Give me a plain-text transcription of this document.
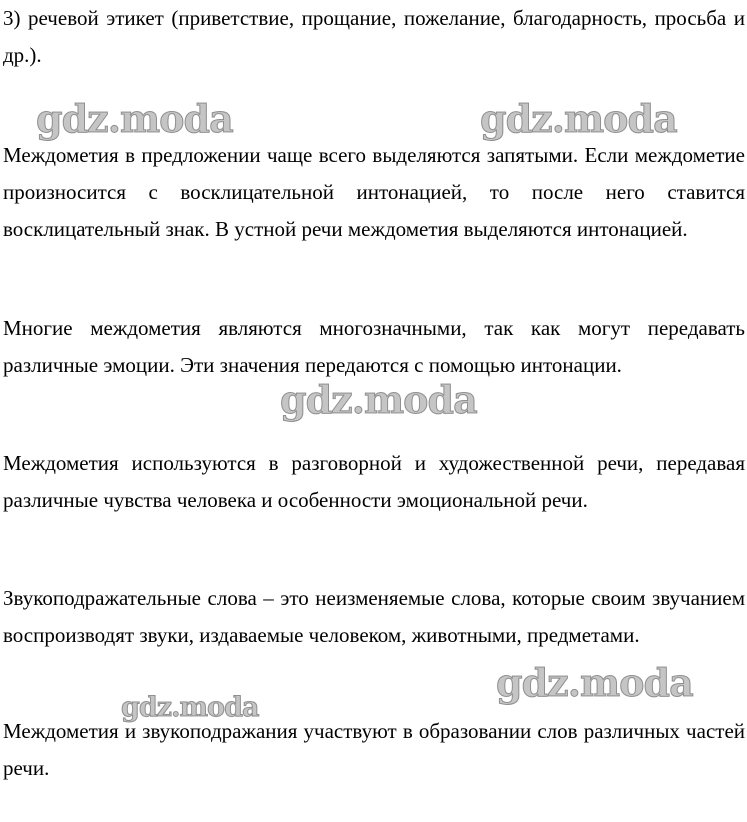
3) речевой этикет (приветствие, прощание, пожелание, благодарность, просьба и др.).

Междометия в предложении чаще всего выделяются запятыми. Если междометие произносится с восклицательной интонацией, то после него ставится восклицательный знак. В устной речи междометия выделяются интонацией.

Многие междометия являются многозначными, так как могут передавать различные эмоции. Эти значения передаются с помощью интонации.

Междометия используются в разговорной и художественной речи, передавая различные чувства человека и особенности эмоциональной речи.

Звукоподражательные слова – это неизменяемые слова, которые своим звучанием воспроизводят звуки, издаваемые человеком, животными, предметами.

Междометия и звукоподражания участвуют в образовании слов различных частей речи.

gdz.moda	gdz.moda
gdz.moda
gdz.moda
gdz.moda
